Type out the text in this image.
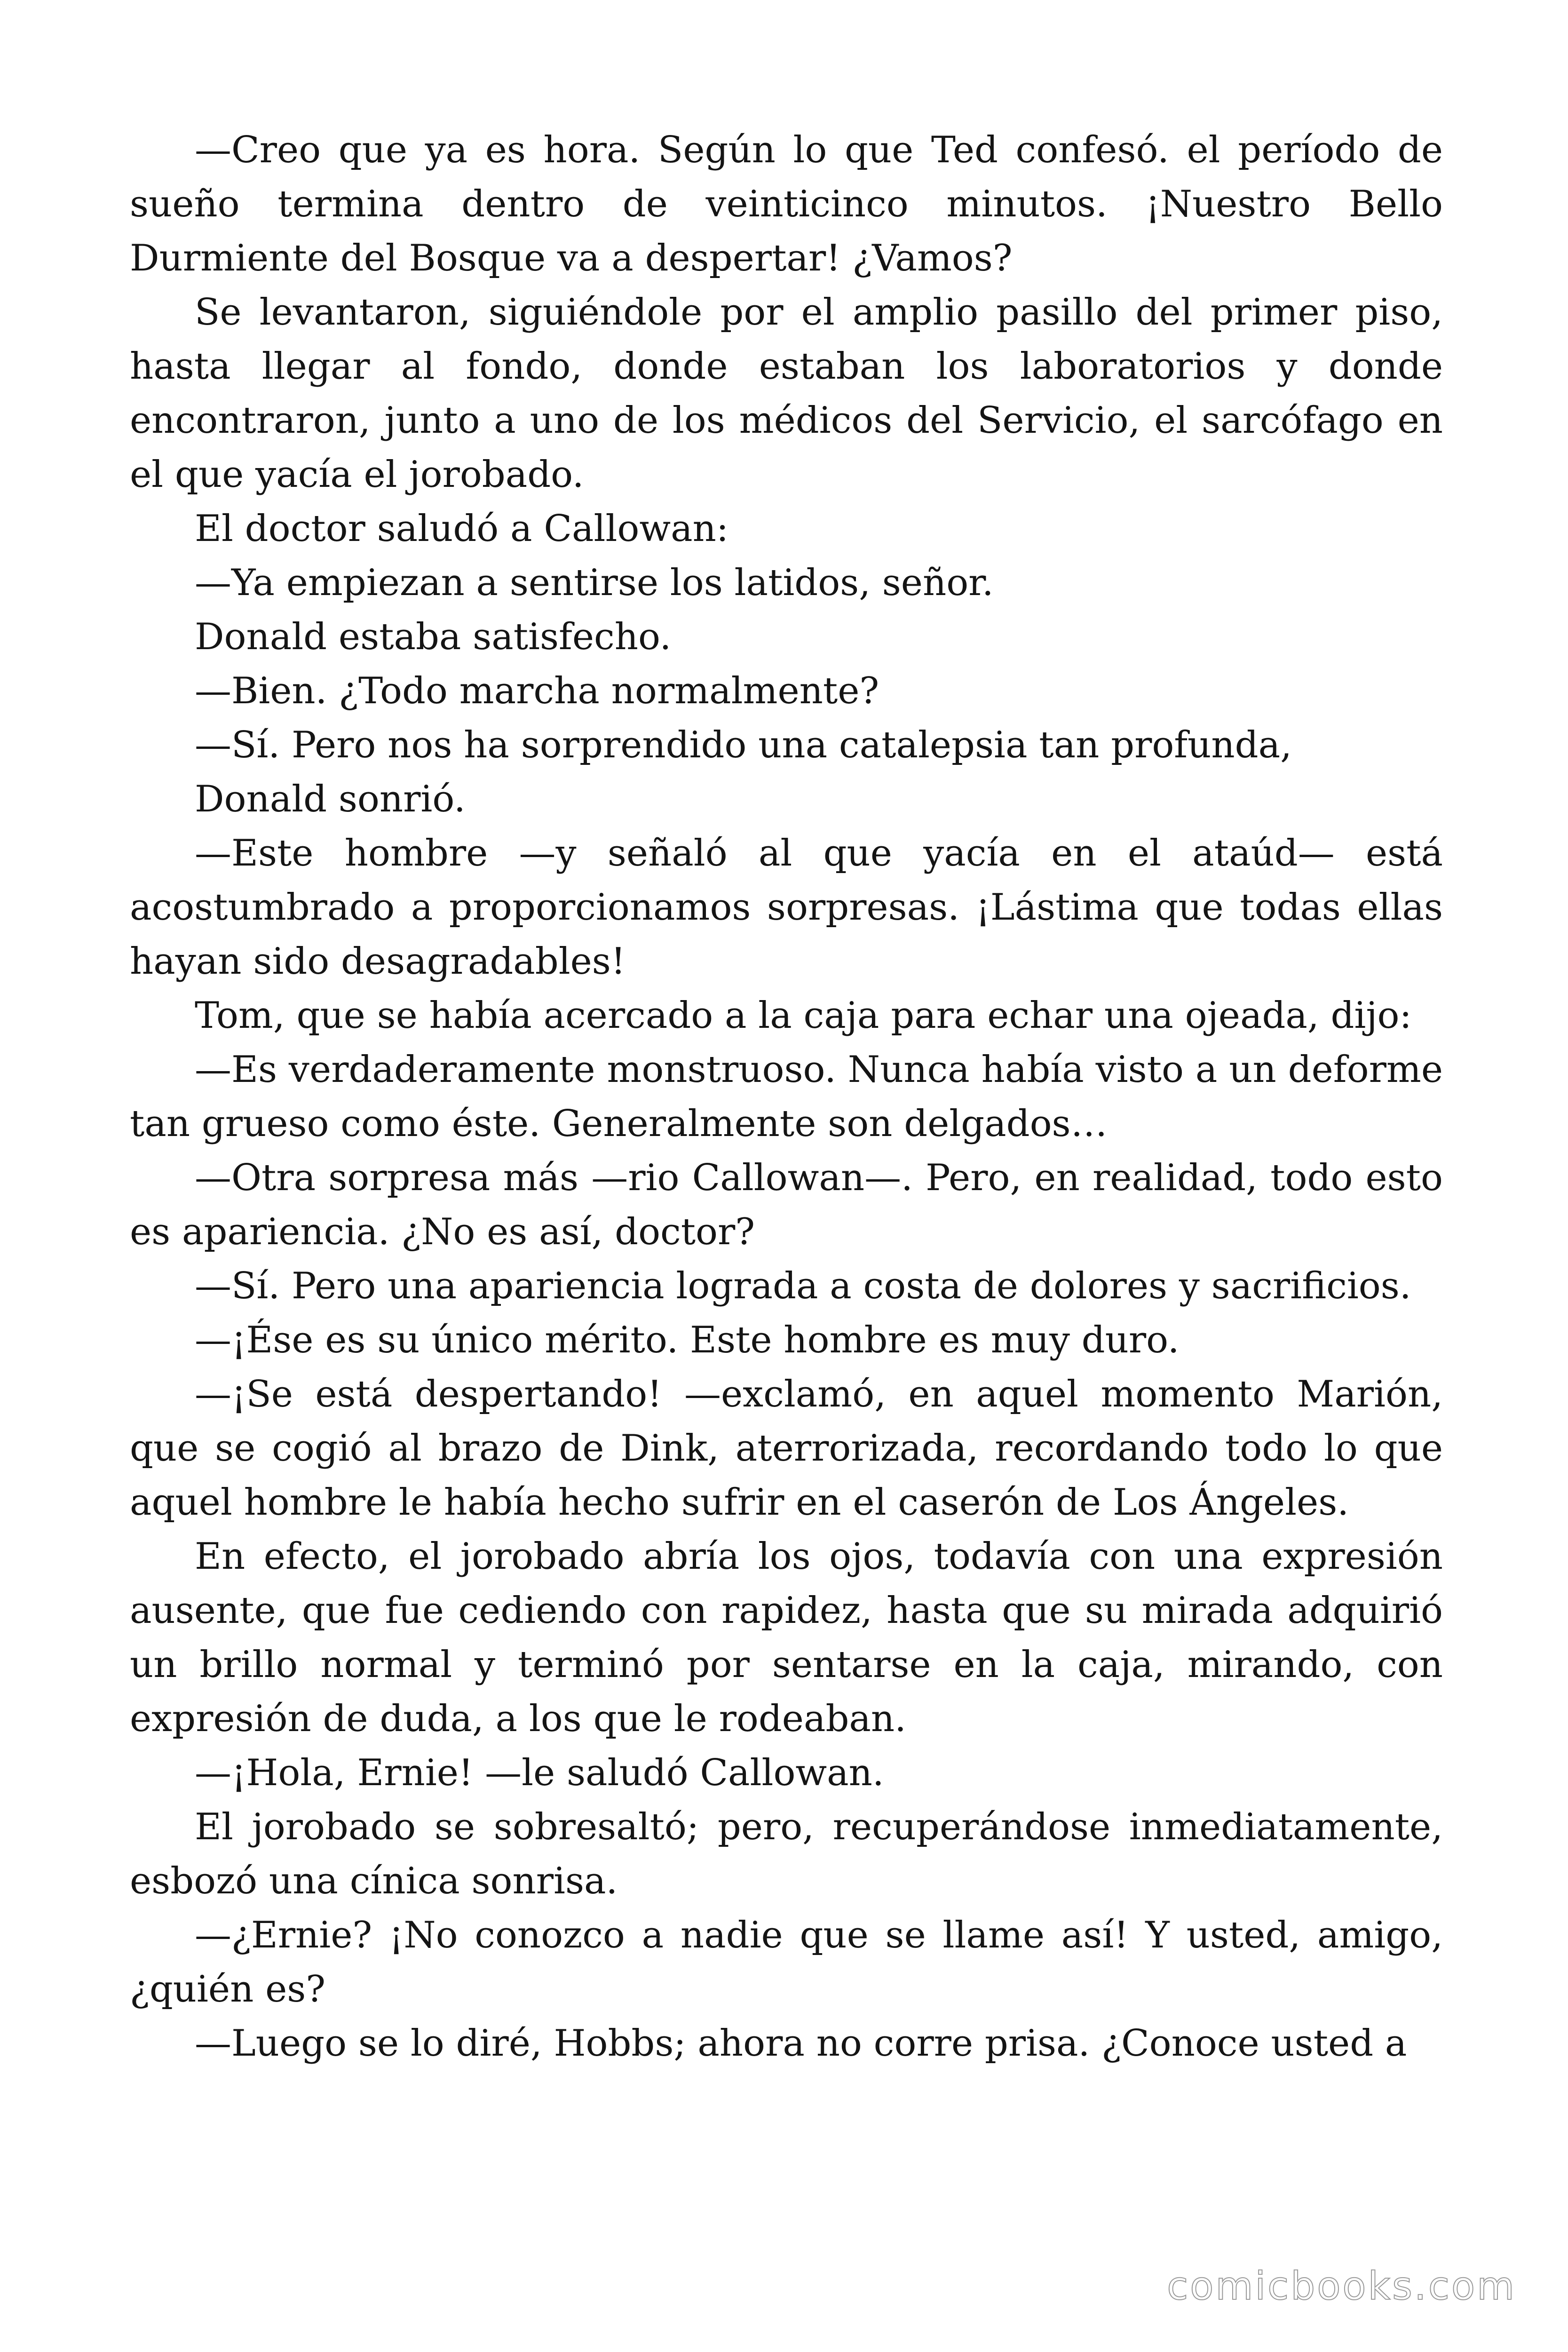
—Creo que ya es hora. Según lo que Ted confesó. el período de sueño termina dentro de veinticinco minutos. ¡Nuestro Bello Durmiente del Bosque va a despertar! ¿Vamos?

Se levantaron, siguiéndole por el amplio pasillo del primer piso, hasta llegar al fondo, donde estaban los laboratorios y donde encontraron, junto a uno de los médicos del Servicio, el sarcófago en el que yacía el jorobado.

El doctor saludó a Callowan:

—Ya empiezan a sentirse los latidos, señor.

Donald estaba satisfecho.

—Bien. ¿Todo marcha normalmente?

—Sí. Pero nos ha sorprendido una catalepsia tan profunda,

Donald sonrió.

—Este hombre —y señaló al que yacía en el ataúd— está acostumbrado a proporcionamos sorpresas. ¡Lástima que todas ellas hayan sido desagradables!

Tom, que se había acercado a la caja para echar una ojeada, dijo:

—Es verdaderamente monstruoso. Nunca había visto a un deforme tan grueso como éste. Generalmente son delgados…

—Otra sorpresa más —rio Callowan—. Pero, en realidad, todo esto es apariencia. ¿No es así, doctor?

—Sí. Pero una apariencia lograda a costa de dolores y sacrificios.

—¡Ése es su único mérito. Este hombre es muy duro.

—¡Se está despertando! —exclamó, en aquel momento Marión, que se cogió al brazo de Dink, aterrorizada, recordando todo lo que aquel hombre le había hecho sufrir en el caserón de Los Ángeles.

En efecto, el jorobado abría los ojos, todavía con una expresión ausente, que fue cediendo con rapidez, hasta que su mirada adquirió un brillo normal y terminó por sentarse en la caja, mirando, con expresión de duda, a los que le rodeaban.

—¡Hola, Ernie! —le saludó Callowan.

El jorobado se sobresaltó; pero, recuperándose inmediatamente, esbozó una cínica sonrisa.

—¿Ernie? ¡No conozco a nadie que se llame así! Y usted, amigo, ¿quién es?

—Luego se lo diré, Hobbs; ahora no corre prisa. ¿Conoce usted a

comicbooks.com
